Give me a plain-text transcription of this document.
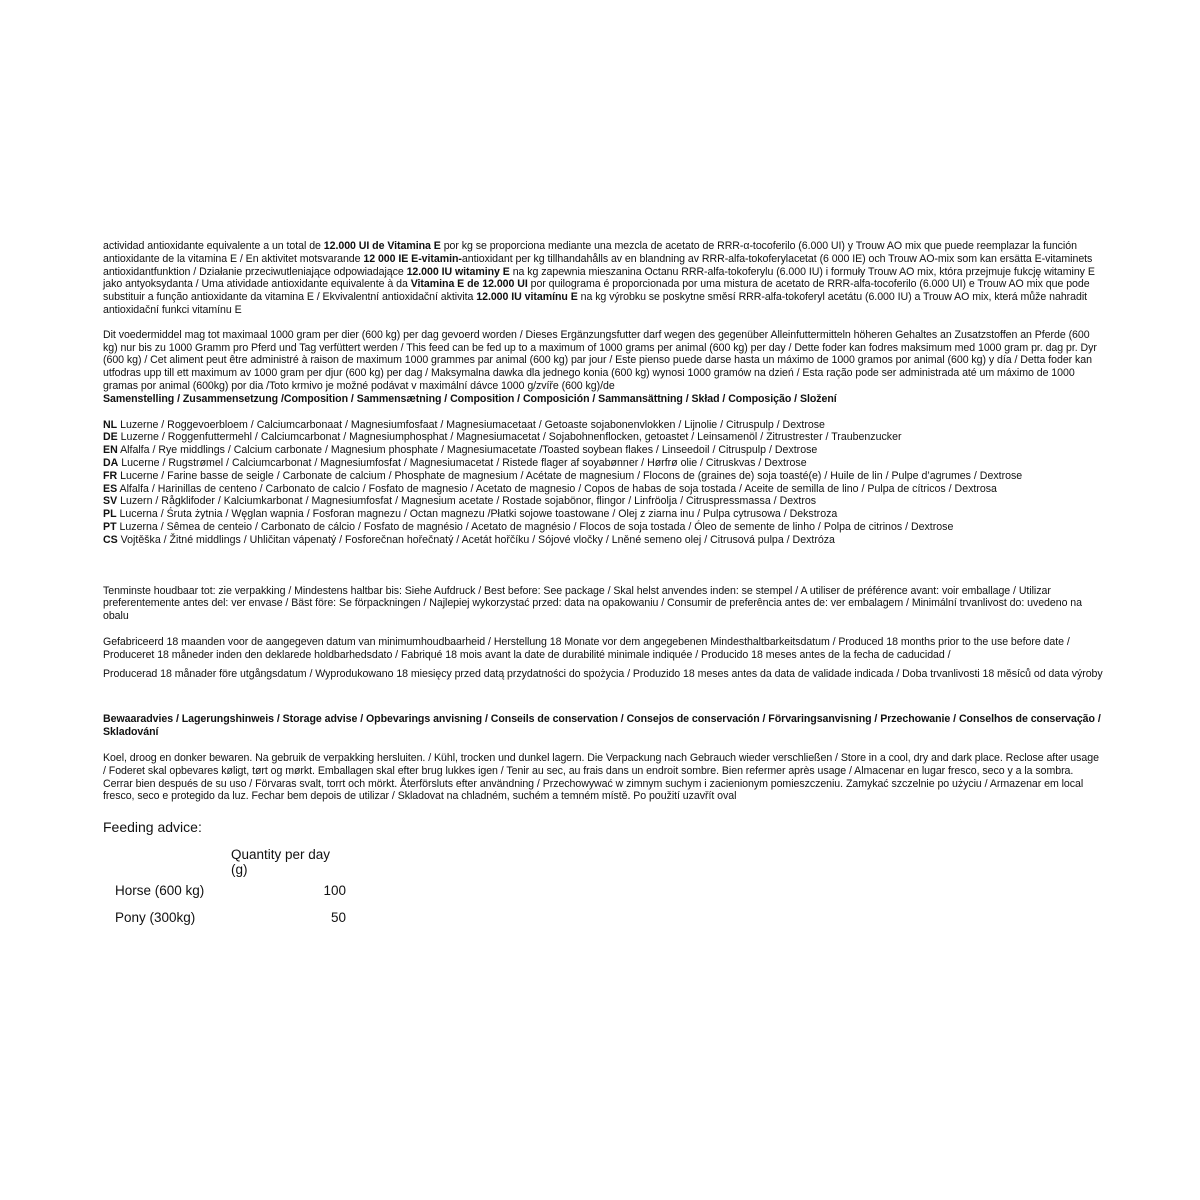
actividad antioxidante equivalente a un total de 12.000 UI de Vitamina E por kg se proporciona mediante una mezcla de acetato de RRR-α-tocoferilo (6.000 UI) y Trouw AO mix que puede reemplazar la función antioxidante de la vitamina E / En aktivitet motsvarande 12 000 IE E-vitamin-antioxidant per kg tillhandahålls av en blandning av RRR-alfa-tokoferylacetat (6 000 IE) och Trouw AO-mix som kan ersätta E-vitaminets antioxidantfunktion / Działanie przeciwutleniające odpowiadające 12.000 IU witaminy E na kg zapewnia mieszanina Octanu RRR-alfa-tokoferylu (6.000 IU) i formuły Trouw AO mix, która przejmuje fukcję witaminy E jako antyoksydanta / Uma atividade antioxidante equivalente à da Vitamina E de 12.000 UI por quilograma é proporcionada por uma mistura de acetato de RRR-alfa-tocoferilo (6.000 UI) e Trouw AO mix que pode substituir a função antioxidante da vitamina E / Ekvivalentní antioxidační aktivita 12.000 IU vitamínu E na kg výrobku se poskytne směsí RRR-alfa-tokoferyl acetátu (6.000 IU) a Trouw AO mix, která může nahradit antioxidační funkci vitamínu E

Dit voedermiddel mag tot maximaal 1000 gram per dier (600 kg) per dag gevoerd worden / Dieses Ergänzungsfutter darf wegen des gegenüber Alleinfuttermitteln höheren Gehaltes an Zusatzstoffen an Pferde (600 kg) nur bis zu 1000 Gramm pro Pferd und Tag verfüttert werden / This feed can be fed up to a maximum of 1000 grams per animal (600 kg) per day / Dette foder kan fodres maksimum med 1000 gram pr. dag pr. Dyr (600 kg) / Cet aliment peut être administré à raison de maximum 1000 grammes par animal (600 kg) par jour / Este pienso puede darse hasta un máximo de 1000 gramos por animal (600 kg) y día / Detta foder kan utfodras upp till ett maximum av 1000 gram per djur (600 kg) per dag / Maksymalna dawka dla jednego konia (600 kg) wynosi 1000 gramów na dzień / Esta ração pode ser administrada até um máximo de 1000 gramas por animal (600kg) por dia /Toto krmivo je možné podávat v maximální dávce 1000 g/zvíře (600 kg)/de

Samenstelling / Zusammensetzung /Composition / Sammensætning / Composition / Composición / Sammansättning / Skład / Composição / Složení

NL Luzerne / Roggevoerbloem / Calciumcarbonaat / Magnesiumfosfaat / Magnesiumacetaat / Getoaste sojabonenvlokken / Lijnolie / Citruspulp / Dextrose
DE Luzerne / Roggenfuttermehl / Calciumcarbonat / Magnesiumphosphat / Magnesiumacetat / Sojabohnenflocken, getoastet / Leinsamenöl / Zitrustrester / Traubenzucker
EN Alfalfa / Rye middlings / Calcium carbonate / Magnesium phosphate / Magnesiumacetate /Toasted soybean flakes / Linseedoil / Citruspulp / Dextrose
DA Lucerne / Rugstrømel / Calciumcarbonat / Magnesiumfosfat / Magnesiumacetat / Ristede flager af soyabønner / Hørfrø olie / Citruskvas / Dextrose
FR Lucerne / Farine basse de seigle / Carbonate de calcium / Phosphate de magnesium / Acétate de magnesium / Flocons de (graines de) soja toasté(e) / Huile de lin / Pulpe d’agrumes / Dextrose
ES Alfalfa / Harinillas de centeno / Carbonato de calcio / Fosfato de magnesio / Acetato de magnesio / Copos de habas de soja tostada / Aceite de semilla de lino / Pulpa de cítricos / Dextrosa
SV Luzern / Rågklifoder / Kalciumkarbonat / Magnesiumfosfat / Magnesium acetate / Rostade sojabönor, flingor / Linfröolja / Citruspressmassa / Dextros
PL Lucerna / Śruta żytnia / Węglan wapnia / Fosforan magnezu / Octan magnezu /Płatki sojowe toastowane / Olej z ziarna inu / Pulpa cytrusowa / Dekstroza
PT Luzerna / Sêmea de centeio / Carbonato de cálcio / Fosfato de magnésio / Acetato de magnésio / Flocos de soja tostada / Óleo de semente de linho / Polpa de citrinos / Dextrose
CS Vojtěška / Žitné middlings / Uhličitan vápenatý / Fosforečnan hořečnatý / Acetát hořčíku / Sójové vločky / Lněné semeno olej / Citrusová pulpa / Dextróza

Tenminste houdbaar tot: zie verpakking / Mindestens haltbar bis: Siehe Aufdruck / Best before: See package / Skal helst anvendes inden: se stempel / A utiliser de préférence avant: voir emballage / Utilizar preferentemente antes del: ver envase / Bäst före: Se förpackningen / Najlepiej wykorzystać przed: data na opakowaniu / Consumir de preferência antes de: ver embalagem / Minimální trvanlivost do: uvedeno na obalu

Gefabriceerd 18 maanden voor de aangegeven datum van minimumhoudbaarheid / Herstellung 18 Monate vor dem angegebenen Mindesthaltbarkeitsdatum / Produced 18 months prior to the use before date / Produceret 18 måneder inden den deklarede holdbarhedsdato / Fabriqué 18 mois avant la date de durabilité minimale indiquée / Producido 18 meses antes de la fecha de caducidad /

Producerad 18 månader före utgångsdatum / Wyprodukowano 18 miesięcy przed datą przydatności do spożycia / Produzido 18 meses antes da data de validade indicada / Doba trvanlivosti 18 měsíců od data výroby

Bewaaradvies / Lagerungshinweis / Storage advise / Opbevarings anvisning / Conseils de conservation / Consejos de conservación / Förvaringsanvisning / Przechowanie / Conselhos de conservação / Skladování

Koel, droog en donker bewaren. Na gebruik de verpakking hersluiten. / Kühl, trocken und dunkel lagern. Die Verpackung nach Gebrauch wieder verschließen / Store in a cool, dry and dark place. Reclose after usage / Foderet skal opbevares køligt, tørt og mørkt. Emballagen skal efter brug lukkes igen / Tenir au sec, au frais dans un endroit sombre. Bien refermer après usage / Almacenar en lugar fresco, seco y a la sombra. Cerrar bien después de su uso / Förvaras svalt, torrt och mörkt. Återförsluts efter användning / Przechowywać w zimnym suchym i zacienionym pomieszczeniu. Zamykać szczelnie po użyciu / Armazenar em local fresco, seco e protegido da luz. Fechar bem depois de utilizar / Skladovat na chladném, suchém a temném místě. Po použití uzavřít oval

Feeding advice:
	Quantity per day (g)
Horse (600 kg)	100
Pony (300kg)	50
